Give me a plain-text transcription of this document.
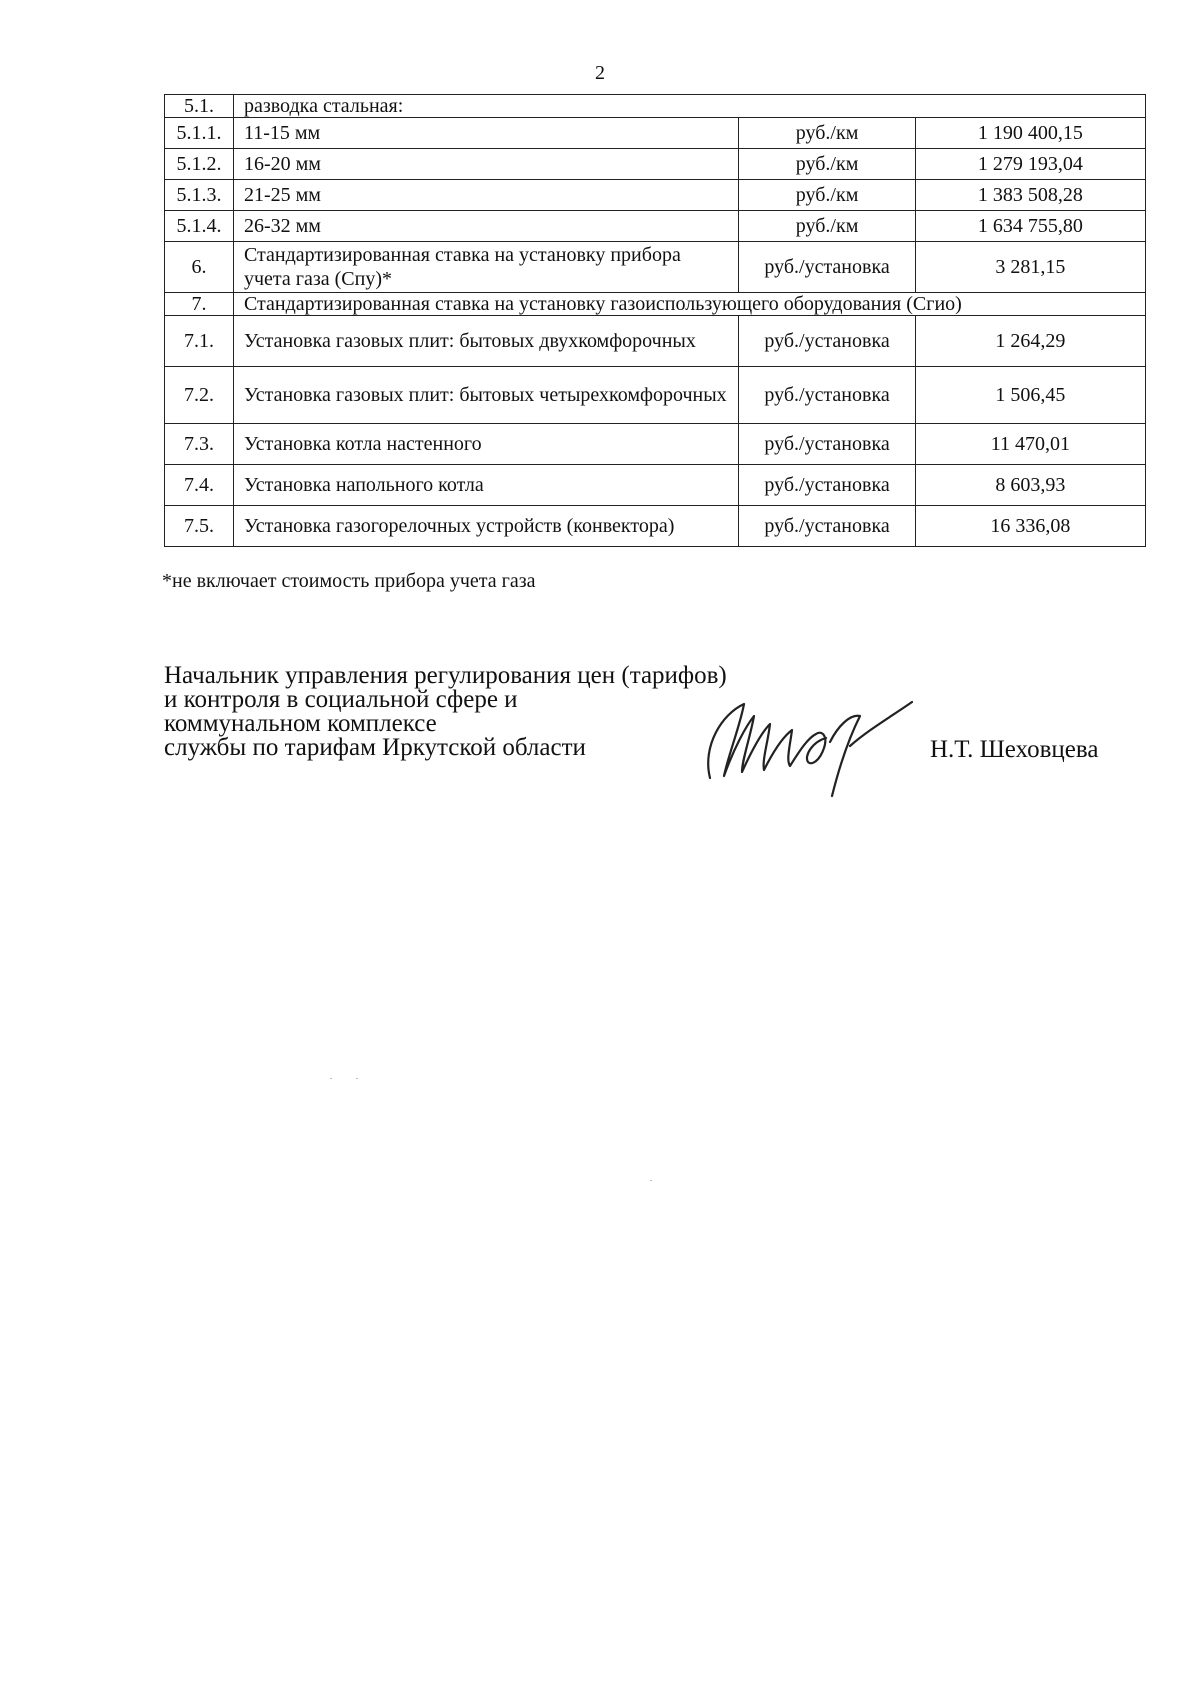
2
5.1.	разводка стальная:		
5.1.1.	11-15 мм	руб./км	1 190 400,15
5.1.2.	16-20 мм	руб./км	1 279 193,04
5.1.3.	21-25 мм	руб./км	1 383 508,28
5.1.4.	26-32 мм	руб./км	1 634 755,80
6.	Стандартизированная ставка на установку прибора учета газа (Спу)*	руб./установка	3 281,15
7.	Стандартизированная ставка на установку газоиспользующего оборудования (Сгио)		
7.1.	Установка газовых плит: бытовых двухкомфорочных	руб./установка	1 264,29
7.2.	Установка газовых плит: бытовых четырехкомфорочных	руб./установка	1 506,45
7.3.	Установка котла настенного	руб./установка	11 470,01
7.4.	Установка напольного котла	руб./установка	8 603,93
7.5.	Установка газогорелочных устройств (конвектора)	руб./установка	16 336,08
*не включает стоимость прибора учета газа
Начальник управления регулирования цен (тарифов)
и контроля в социальной сфере и
коммунальном комплексе
службы по тарифам Иркутской области	Н.Т. Шеховцева
